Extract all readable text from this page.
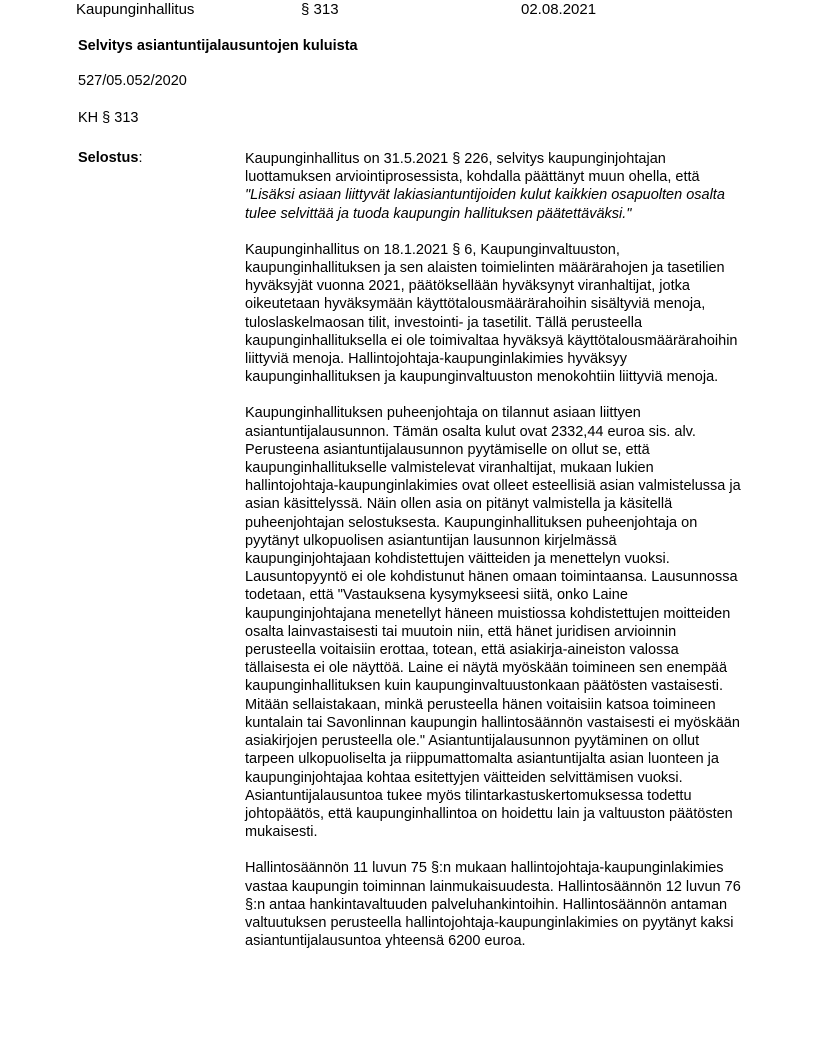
Kaupunginhallitus	§ 313	02.08.2021
Selvitys asiantuntijalausuntojen kuluista
527/05.052/2020
KH § 313
Selostus:	Kaupunginhallitus on 31.5.2021 § 226, selvitys kaupunginjohtajan luottamuksen arviointiprosessista, kohdalla päättänyt muun ohella, että "Lisäksi asiaan liittyvät lakiasiantuntijoiden kulut kaikkien osapuolten osalta tulee selvittää ja tuoda kaupungin hallituksen päätettäväksi."

Kaupunginhallitus on 18.1.2021 § 6, Kaupunginvaltuuston, kaupunginhallituksen ja sen alaisten toimielinten määrärahojen ja tasetilien hyväksyjät vuonna 2021, päätöksellään hyväksynyt viranhaltijat, jotka oikeutetaan hyväksymään käyttötalousmäärärahoihin sisältyviä menoja, tuloslaskelmaosan tilit, investointi- ja tasetilit. Tällä perusteella kaupunginhallituksella ei ole toimivaltaa hyväksyä käyttötalousmäärärahoihin liittyviä menoja. Hallintojohtaja-kaupunginlakimies hyväksyy kaupunginhallituksen ja kaupunginvaltuuston menokohtiin liittyviä menoja.

Kaupunginhallituksen puheenjohtaja on tilannut asiaan liittyen asiantuntijalausunnon. Tämän osalta kulut ovat 2332,44 euroa sis. alv. Perusteena asiantuntijalausunnon pyytämiselle on ollut se, että kaupunginhallitukselle valmistelevat viranhaltijat, mukaan lukien hallintojohtaja-kaupunginlakimies ovat olleet esteellisiä asian valmistelussa ja asian käsittelyssä. Näin ollen asia on pitänyt valmistella ja käsitellä puheenjohtajan selostuksesta. Kaupunginhallituksen puheenjohtaja on pyytänyt ulkopuolisen asiantuntijan lausunnon kirjelmässä kaupunginjohtajaan kohdistettujen väitteiden ja menettelyn vuoksi. Lausuntopyyntö ei ole kohdistunut hänen omaan toimintaansa. Lausunnossa todetaan, että "Vastauksena kysymykseesi siitä, onko Laine kaupunginjohtajana menetellyt häneen muistiossa kohdistettujen moitteiden osalta lainvastaisesti tai muutoin niin, että hänet juridisen arvioinnin perusteella voitaisiin erottaa, totean, että asiakirja-aineiston valossa tällaisesta ei ole näyttöä. Laine ei näytä myöskään toimineen sen enempää kaupunginhallituksen kuin kaupunginvaltuustonkaan päätösten vastaisesti. Mitään sellaistakaan, minkä perusteella hänen voitaisiin katsoa toimineen kuntalain tai Savonlinnan kaupungin hallintosäännön vastaisesti ei myöskään asiakirjojen perusteella ole." Asiantuntijalausunnon pyytäminen on ollut tarpeen ulkopuoliselta ja riippumattomalta asiantuntijalta asian luonteen ja kaupunginjohtajaa kohtaa esitettyjen väitteiden selvittämisen vuoksi. Asiantuntijalausuntoa tukee myös tilintarkastuskertomuksessa todettu johtopäätös, että kaupunginhallintoa on hoidettu lain ja valtuuston päätösten mukaisesti.

Hallintosäännön 11 luvun 75 §:n mukaan hallintojohtaja-kaupunginlakimies vastaa kaupungin toiminnan lainmukaisuudesta. Hallintosäännön 12 luvun 76 §:n antaa hankintavaltuuden palveluhankintoihin. Hallintosäännön antaman valtuutuksen perusteella hallintojohtaja-kaupunginlakimies on pyytänyt kaksi asiantuntijalausuntoa yhteensä 6200 euroa.
